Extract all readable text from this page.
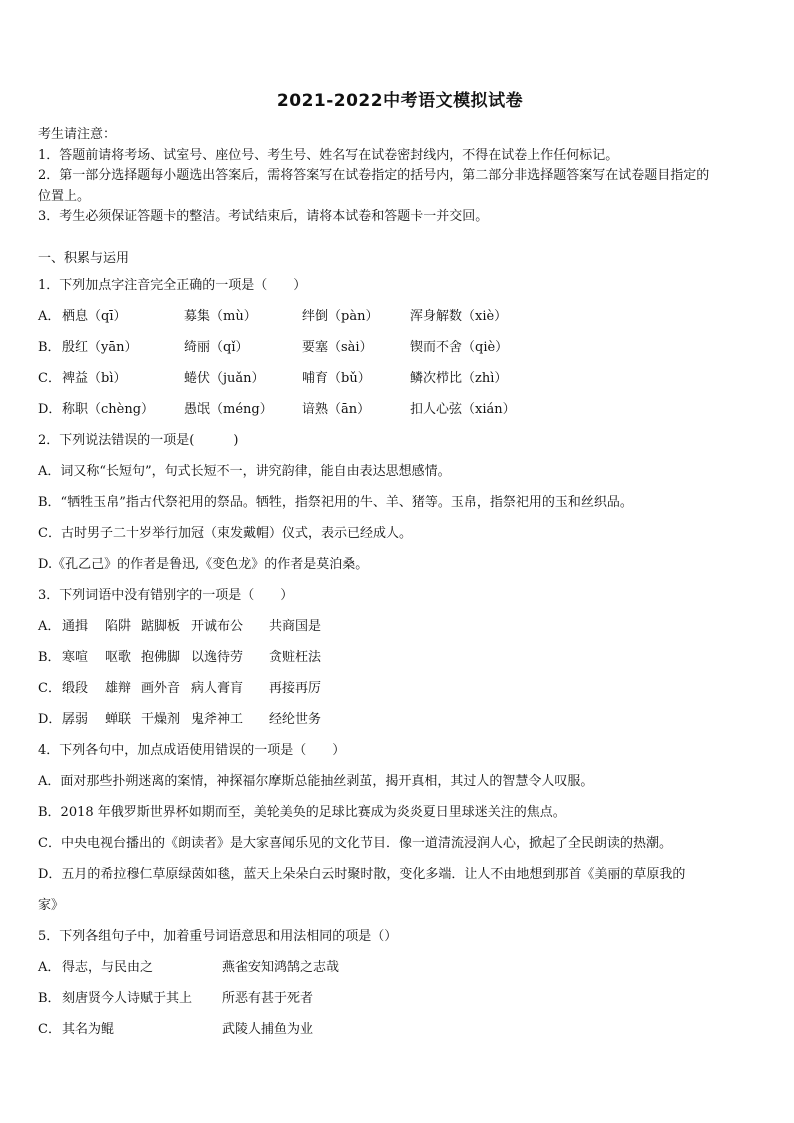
2021-2022中考语文模拟试卷
考生请注意：
1．答题前请将考场、试室号、座位号、考生号、姓名写在试卷密封线内，不得在试卷上作任何标记。
2．第一部分选择题每小题选出答案后，需将答案写在试卷指定的括号内，第二部分非选择题答案写在试卷题目指定的
位置上。
3．考生必须保证答题卡的整洁。考试结束后，请将本试卷和答题卡一并交回。
一、积累与运用
1．下列加点字注音完全正确的一项是（　　）
A． 栖息（qī）	募集（mù）	绊倒（pàn）	浑身解数（xiè）
B． 殷红（yān）	绮丽（qǐ）	要塞（sài）	锲而不舍（qiè）
C． 裨益（bì）	蜷伏（juǎn）	哺育（bǔ）	鳞次栉比（zhì）
D． 称职（chèng）	愚氓（méng）	谙熟（ān）	扣人心弦（xián）
2．下列说法错误的一项是(　　　)
A．词又称“长短句”，句式长短不一，讲究韵律，能自由表达思想感情。
B．“牺牲玉帛”指古代祭祀用的祭品。牺牲，指祭祀用的牛、羊、猪等。玉帛，指祭祀用的玉和丝织品。
C．古时男子二十岁举行加冠（束发戴帽）仪式，表示已经成人。
D.《孔乙己》的作者是鲁迅,《变色龙》的作者是莫泊桑。
3．下列词语中没有错别字的一项是（　　）
A． 通揖	陷阱 踮脚板 开诚布公	共商国是
B． 寒喧	呕歌 抱佛脚 以逸待劳	贪赃枉法
C． 缎段	雄辩 画外音 病人膏肓	再接再厉
D． 孱弱	蝉联 干燥剂 鬼斧神工	经纶世务
4．下列各句中，加点成语使用错误的一项是（　　）
A．面对那些扑朔迷离的案情，神探福尔摩斯总能抽丝剥茧，揭开真相，其过人的智慧令人叹服。
B．2018 年俄罗斯世界杯如期而至，美轮美奂的足球比赛成为炎炎夏日里球迷关注的焦点。
C．中央电视台播出的《朗读者》是大家喜闻乐见的文化节目．像一道清流浸润人心，掀起了全民朗读的热潮。
D．五月的希拉穆仁草原绿茵如毯，蓝天上朵朵白云时聚时散，变化多端．让人不由地想到那首《美丽的草原我的
家》
5．下列各组句子中，加着重号词语意思和用法相同的项是（）
A． 得志，与民由之	燕雀安知鸿鹄之志哉
B． 刻唐贤今人诗赋于其上	所恶有甚于死者
C． 其名为鲲	武陵人捕鱼为业
